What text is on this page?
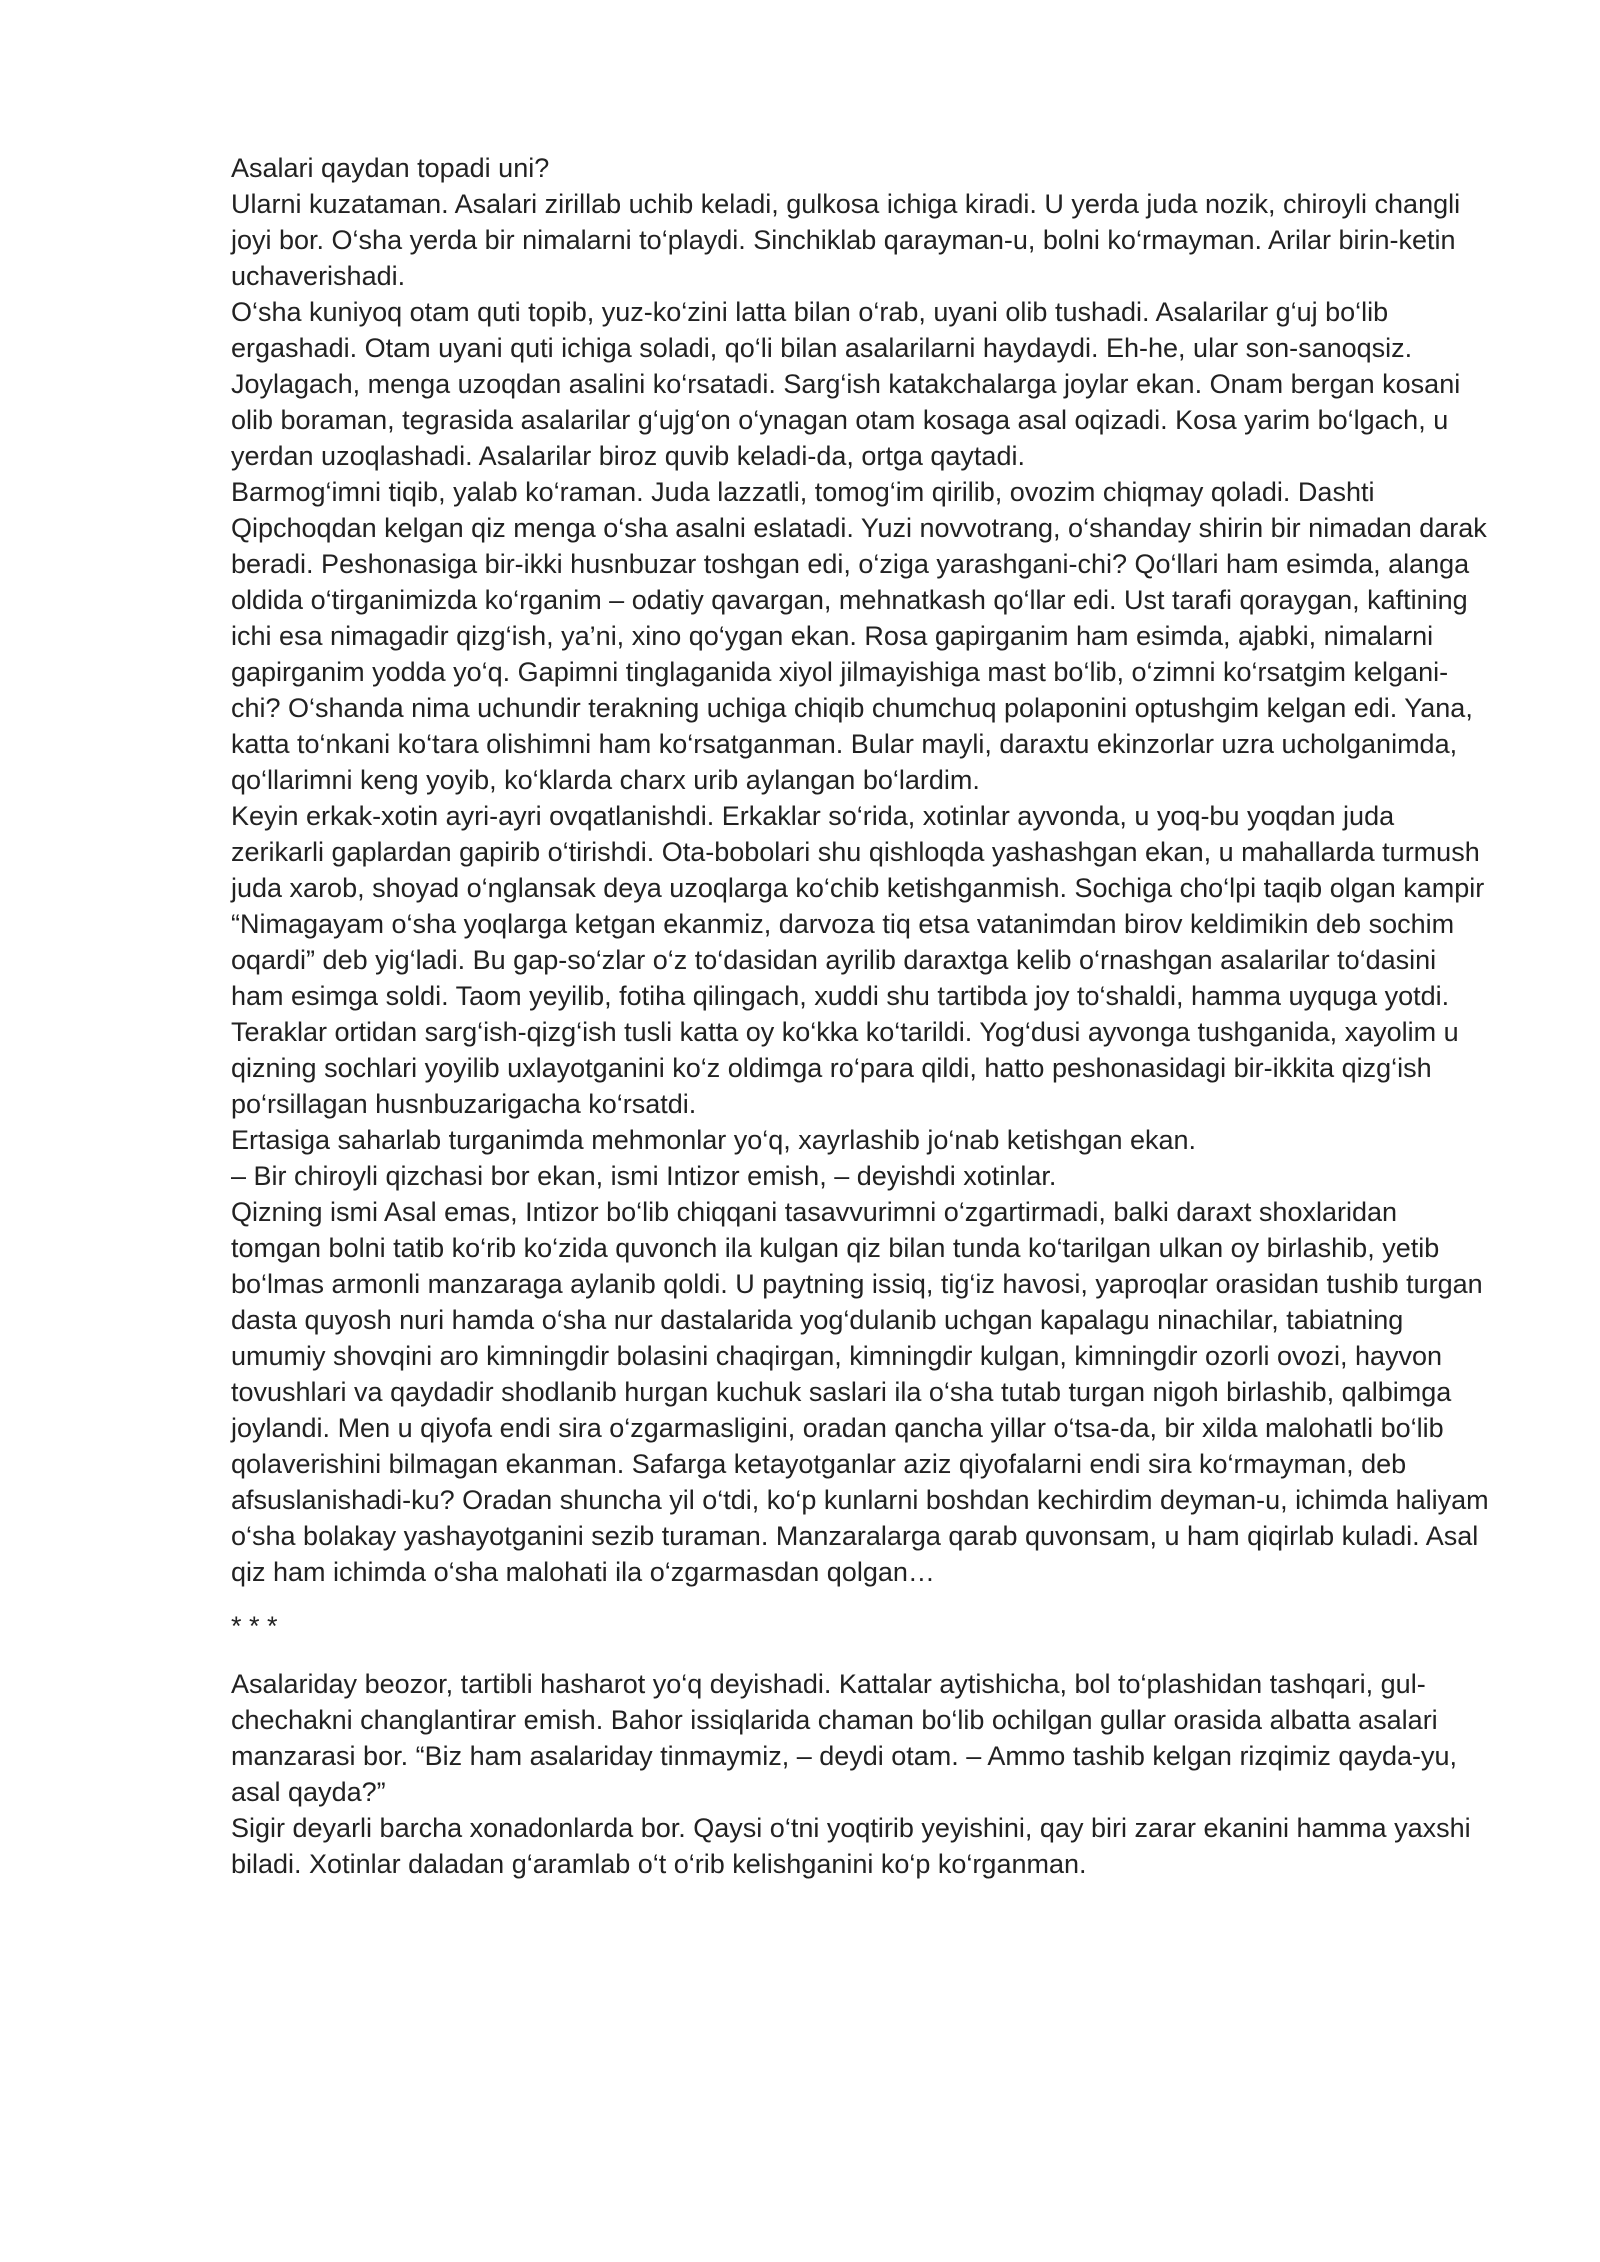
Asalari qaydan topadi uni?

Ularni kuzataman. Asalari zirillab uchib keladi, gulkosa ichiga kiradi. U yerda juda nozik, chiroyli changli joyi bor. O‘sha yerda bir nimalarni to‘playdi. Sinchiklab qarayman-u, bolni ko‘rmayman. Arilar birin-ketin uchaverishadi.

O‘sha kuniyoq otam quti topib, yuz-ko‘zini latta bilan o‘rab, uyani olib tushadi. Asalarilar g‘uj bo‘lib ergashadi. Otam uyani quti ichiga soladi, qo‘li bilan asalarilarni haydaydi. Eh-he, ular son-sanoqsiz. Joylagach, menga uzoqdan asalini ko‘rsatadi. Sarg‘ish katakchalarga joylar ekan. Onam bergan kosani olib boraman, tegrasida asalarilar g‘ujg‘on o‘ynagan otam kosaga asal oqizadi. Kosa yarim bo‘lgach, u yerdan uzoqlashadi. Asalarilar biroz quvib keladi-da, ortga qaytadi.

Barmog‘imni tiqib, yalab ko‘raman. Juda lazzatli, tomog‘im qirilib, ovozim chiqmay qoladi. Dashti Qipchoqdan kelgan qiz menga o‘sha asalni eslatadi. Yuzi novvotrang, o‘shanday shirin bir nimadan darak beradi. Peshonasiga bir-ikki husnbuzar toshgan edi, o‘ziga yarashgani-chi? Qo‘llari ham esimda, alanga oldida o‘tirganimizda ko‘rganim – odatiy qavargan, mehnatkash qo‘llar edi. Ust tarafi qoraygan, kaftining ichi esa nimagadir qizg‘ish, ya’ni, xino qo‘ygan ekan. Rosa gapirganim ham esimda, ajabki, nimalarni gapirganim yodda yo‘q. Gapimni tinglaganida xiyol jilmayishiga mast bo‘lib, o‘zimni ko‘rsatgim kelgani-chi? O‘shanda nima uchundir terakning uchiga chiqib chumchuq polaponini optushgim kelgan edi. Yana, katta to‘nkani ko‘tara olishimni ham ko‘rsatganman. Bular mayli, daraxtu ekinzorlar uzra ucholganimda, qo‘llarimni keng yoyib, ko‘klarda charx urib aylangan bo‘lardim.

Keyin erkak-xotin ayri-ayri ovqatlanishdi. Erkaklar so‘rida, xotinlar ayvonda, u yoq-bu yoqdan juda zerikarli gaplardan gapirib o‘tirishdi. Ota-bobolari shu qishloqda yashashgan ekan, u mahallarda turmush juda xarob, shoyad o‘nglansak deya uzoqlarga ko‘chib ketishganmish. Sochiga cho‘lpi taqib olgan kampir “Nimagayam o‘sha yoqlarga ketgan ekanmiz, darvoza tiq etsa vatanimdan birov keldimikin deb sochim oqardi” deb yig‘ladi. Bu gap-so‘zlar o‘z to‘dasidan ayrilib daraxtga kelib o‘rnashgan asalarilar to‘dasini ham esimga soldi. Taom yeyilib, fotiha qilingach, xuddi shu tartibda joy to‘shaldi, hamma uyquga yotdi.

Teraklar ortidan sarg‘ish-qizg‘ish tusli katta oy ko‘kka ko‘tarildi. Yog‘dusi ayvonga tushganida, xayolim u qizning sochlari yoyilib uxlayotganini ko‘z oldimga ro‘para qildi, hatto peshonasidagi bir-ikkita qizg‘ish po‘rsillagan husnbuzarigacha ko‘rsatdi.

Ertasiga saharlab turganimda mehmonlar yo‘q, xayrlashib jo‘nab ketishgan ekan.

– Bir chiroyli qizchasi bor ekan, ismi Intizor emish, – deyishdi xotinlar.

Qizning ismi Asal emas, Intizor bo‘lib chiqqani tasavvurimni o‘zgartirmadi, balki daraxt shoxlaridan tomgan bolni tatib ko‘rib ko‘zida quvonch ila kulgan qiz bilan tunda ko‘tarilgan ulkan oy birlashib, yetib bo‘lmas armonli manzaraga aylanib qoldi. U paytning issiq, tig‘iz havosi, yaproqlar orasidan tushib turgan dasta quyosh nuri hamda o‘sha nur dastalarida yog‘dulanib uchgan kapalagu ninachilar, tabiatning umumiy shovqini aro kimningdir bolasini chaqirgan, kimningdir kulgan, kimningdir ozorli ovozi, hayvon tovushlari va qaydadir shodlanib hurgan kuchuk saslari ila o‘sha tutab turgan nigoh birlashib, qalbimga joylandi. Men u qiyofa endi sira o‘zgarmasligini, oradan qancha yillar o‘tsa-da, bir xilda malohatli bo‘lib qolaverishini bilmagan ekanman. Safarga ketayotganlar aziz qiyofalarni endi sira ko‘rmayman, deb afsuslanishadi-ku? Oradan shuncha yil o‘tdi, ko‘p kunlarni boshdan kechirdim deyman-u, ichimda haliyam o‘sha bolakay yashayotganini sezib turaman. Manzaralarga qarab quvonsam, u ham qiqirlab kuladi. Asal qiz ham ichimda o‘sha malohati ila o‘zgarmasdan qolgan…

* * *

Asalariday beozor, tartibli hasharot yo‘q deyishadi. Kattalar aytishicha, bol to‘plashidan tashqari, gul-chechakni changlantirar emish. Bahor issiqlarida chaman bo‘lib ochilgan gullar orasida albatta asalari manzarasi bor. “Biz ham asalariday tinmaymiz, – deydi otam. – Ammo tashib kelgan rizqimiz qayda-yu, asal qayda?”

Sigir deyarli barcha xonadonlarda bor. Qaysi o‘tni yoqtirib yeyishini, qay biri zarar ekanini hamma yaxshi biladi. Xotinlar daladan g‘aramlab o‘t o‘rib kelishganini ko‘p ko‘rganman.
